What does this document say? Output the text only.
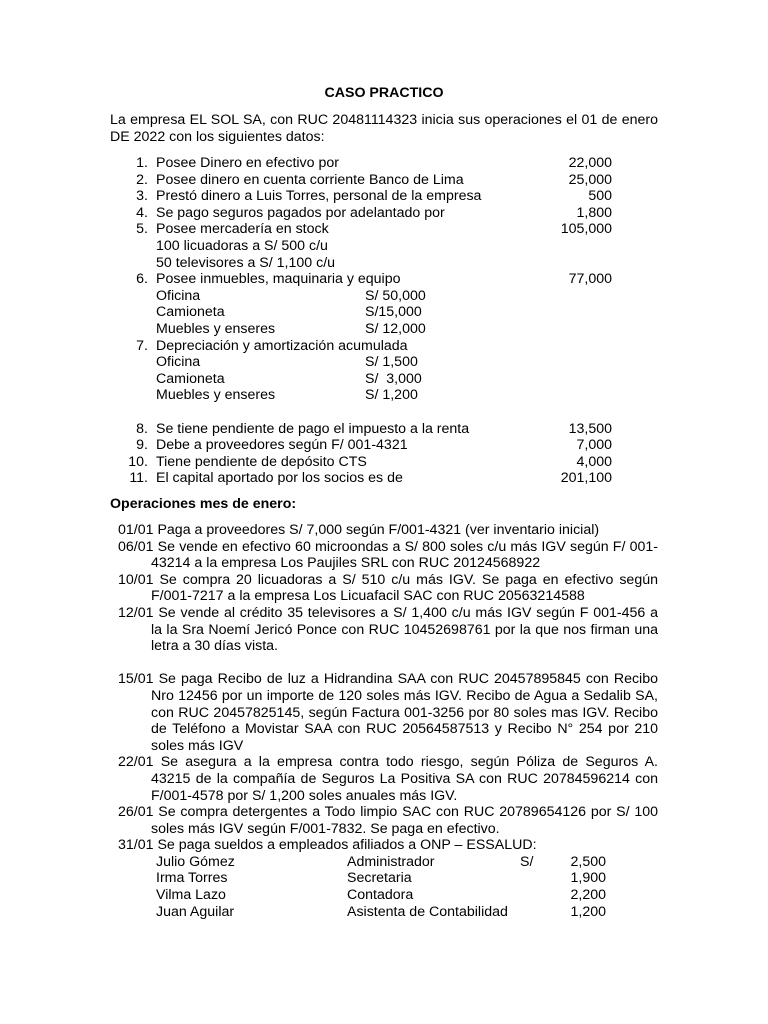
CASO PRACTICO
La empresa EL SOL SA, con RUC 20481114323 inicia sus operaciones el 01 de enero DE 2022 con los siguientes datos:
1. Posee Dinero en efectivo por	22,000
2. Posee dinero en cuenta corriente Banco de Lima	25,000
3. Prestó dinero a Luis Torres, personal de la empresa	500
4. Se pago seguros pagados por adelantado por	1,800
5. Posee mercadería en stock	105,000
100 licuadoras a S/ 500 c/u
50 televisores a S/ 1,100 c/u
6. Posee inmuebles, maquinaria y equipo	77,000
Oficina	S/ 50,000
Camioneta	S/15,000
Muebles y enseres	S/ 12,000
7. Depreciación y amortización acumulada
Oficina	S/ 1,500
Camioneta	S/  3,000
Muebles y enseres	S/ 1,200
8. Se tiene pendiente de pago el impuesto a la renta	13,500
9. Debe a proveedores según F/ 001-4321	7,000
10. Tiene pendiente de depósito CTS	4,000
11. El capital aportado por los socios es de	201,100
Operaciones mes de enero:
01/01 Paga a proveedores S/ 7,000 según F/001-4321 (ver inventario inicial)
06/01 Se vende en efectivo 60 microondas a S/ 800 soles c/u más IGV según F/ 001-43214 a la empresa Los Paujiles SRL con RUC 20124568922
10/01 Se compra 20 licuadoras a S/ 510 c/u más IGV. Se paga en efectivo según F/001-7217 a la empresa Los Licuafacil SAC con RUC 20563214588
12/01 Se vende al crédito 35 televisores a S/ 1,400 c/u más IGV según F 001-456 a la la Sra Noemí Jericó Ponce con RUC 10452698761 por la que nos firman una letra a 30 días vista.
15/01 Se paga Recibo de luz a Hidrandina SAA con RUC 20457895845 con Recibo Nro 12456 por un importe de 120 soles más IGV. Recibo de Agua a Sedalib SA, con RUC 20457825145, según Factura 001-3256 por 80 soles mas IGV. Recibo de Teléfono a Movistar SAA con RUC 20564587513 y Recibo N° 254 por 210 soles más IGV
22/01 Se asegura a la empresa contra todo riesgo, según Póliza de Seguros A. 43215 de la compañía de Seguros La Positiva SA con RUC 20784596214 con F/001-4578 por S/ 1,200 soles anuales más IGV.
26/01 Se compra detergentes a Todo limpio SAC con RUC 20789654126 por S/ 100 soles más IGV según F/001-7832. Se paga en efectivo.
31/01 Se paga sueldos a empleados afiliados a ONP – ESSALUD:
Julio Gómez	Administrador	S/	2,500
Irma Torres	Secretaria	1,900
Vilma Lazo	Contadora	2,200
Juan Aguilar	Asistenta de Contabilidad	1,200
